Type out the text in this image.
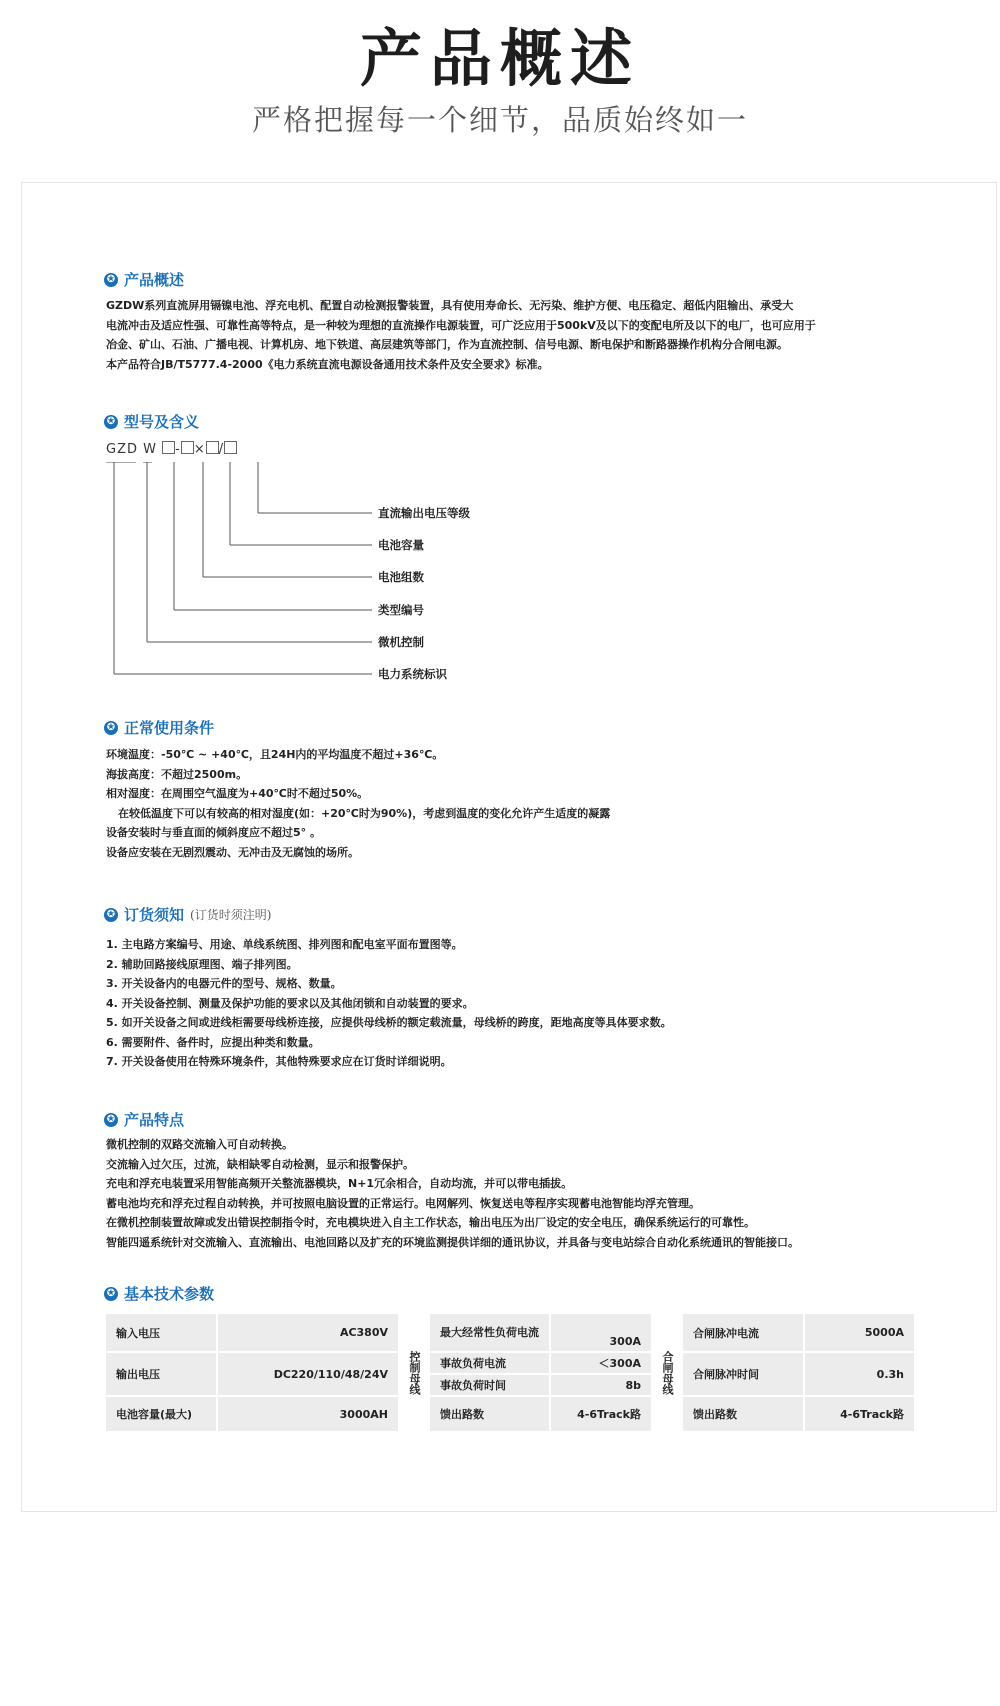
产品概述
严格把握每一个细节，品质始终如一
✪ 产品概述
GZDW系列直流屏用镉镍电池、浮充电机、配置自动检测报警装置，具有使用寿命长、无污染、维护方便、电压稳定、超低内阻输出、承受大
电流冲击及适应性强、可靠性高等特点，是一种较为理想的直流操作电源装置，可广泛应用于500kV及以下的变配电所及以下的电厂，也可应用于
冶金、矿山、石油、广播电视、计算机房、地下铁道、高层建筑等部门，作为直流控制、信号电源、断电保护和断路器操作机构分合闸电源。
本产品符合JB/T5777.4-2000《电力系统直流电源设备通用技术条件及安全要求》标准。
✪ 型号及含义
GZD W - × /
直流输出电压等级
电池容量
电池组数
类型编号
微机控制
电力系统标识
✪ 正常使用条件
环境温度：-50℃ ~ +40℃，且24H内的平均温度不超过+36℃。
海拔高度：不超过2500m。
相对湿度：在周围空气温度为+40℃时不超过50%。
在较低温度下可以有较高的相对湿度(如：+20℃时为90%)，考虑到温度的变化允许产生适度的凝露
设备安装时与垂直面的倾斜度应不超过5° 。
设备应安装在无剧烈震动、无冲击及无腐蚀的场所。
✪ 订货须知 (订货时须注明)
1. 主电路方案编号、用途、单线系统图、排列图和配电室平面布置图等。
2. 辅助回路接线原理图、端子排列图。
3. 开关设备内的电器元件的型号、规格、数量。
4. 开关设备控制、测量及保护功能的要求以及其他闭锁和自动装置的要求。
5. 如开关设备之间或进线柜需要母线桥连接，应提供母线桥的额定载流量，母线桥的跨度，距地高度等具体要求数。
6. 需要附件、备件时，应提出种类和数量。
7. 开关设备使用在特殊环境条件，其他特殊要求应在订货时详细说明。
✪ 产品特点
微机控制的双路交流输入可自动转换。
交流输入过欠压，过流，缺相缺零自动检测，显示和报警保护。
充电和浮充电装置采用智能高频开关整流器模块，N+1冗余相合，自动均流，并可以带电插拔。
蓄电池均充和浮充过程自动转换，并可按照电脑设置的正常运行。电网解列、恢复送电等程序实现蓄电池智能均浮充管理。
在微机控制装置故障或发出错误控制指令时，充电模块进入自主工作状态，输出电压为出厂设定的安全电压，确保系统运行的可靠性。
智能四遥系统针对交流输入、直流输出、电池回路以及扩充的环境监测提供详细的通讯协议，并具备与变电站综合自动化系统通讯的智能接口。
✪ 基本技术参数
输入电压	AC380V	控制母线	最大经常性负荷电流	300A	合闸母线	合闸脉冲电流	5000A
输出电压	DC220/110/48/24V		事故负荷电流	＜300A		合闸脉冲时间	0.3h
			事故负荷时间	8b			
电池容量(最大)	3000AH		馈出路数	4-6Track路		馈出路数	4-6Track路
